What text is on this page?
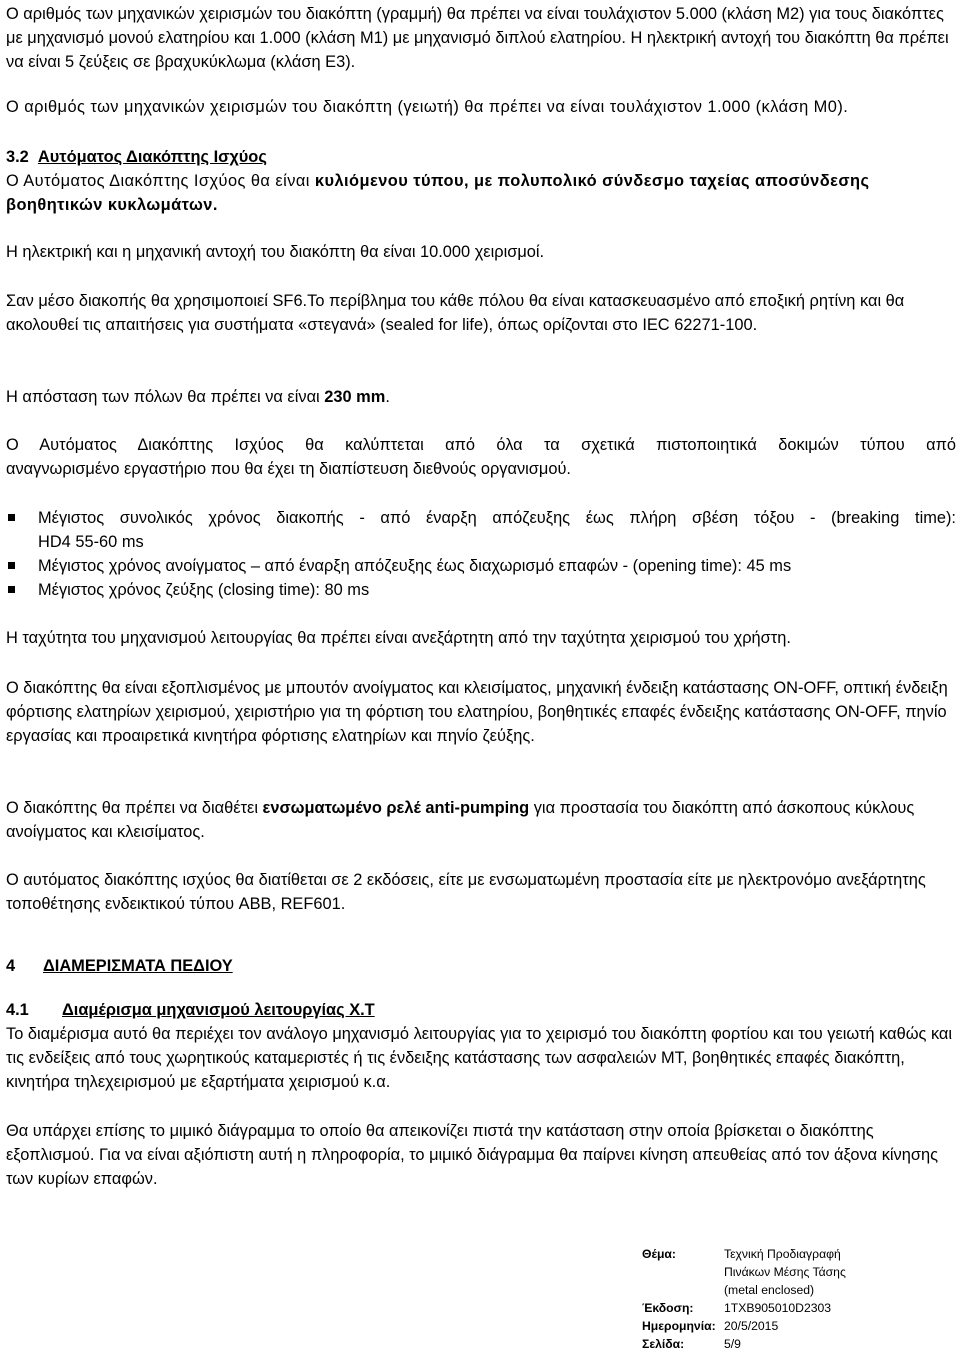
Ο αριθμός των μηχανικών χειρισμών του διακόπτη (γραμμή) θα πρέπει να είναι τουλάχιστον 5.000 (κλάση Μ2) για τους διακόπτες με μηχανισμό μονού ελατηρίου και 1.000 (κλάση Μ1) με μηχανισμό διπλού ελατηρίου. Η ηλεκτρική αντοχή του διακόπτη θα πρέπει να είναι 5 ζεύξεις σε βραχυκύκλωμα (κλάση Ε3).

Ο αριθμός των μηχανικών χειρισμών του διακόπτη (γειωτή) θα πρέπει να είναι τουλάχιστον 1.000 (κλάση Μ0).

3.2 Αυτόματος Διακόπτης Ισχύος

Ο Αυτόματος Διακόπτης Ισχύος θα είναι κυλιόμενου τύπου, με πολυπολικό σύνδεσμο ταχείας αποσύνδεσης βοηθητικών κυκλωμάτων.

Η ηλεκτρική και η μηχανική αντοχή του διακόπτη θα είναι 10.000 χειρισμοί.

Σαν μέσο διακοπής θα χρησιμοποιεί SF6.Το περίβλημα του κάθε πόλου θα είναι κατασκευασμένο από εποξική ρητίνη και θα ακολουθεί τις απαιτήσεις για συστήματα «στεγανά» (sealed for life), όπως ορίζονται στο IEC 62271-100.

Η απόσταση των πόλων θα πρέπει να είναι 230 mm.

Ο Αυτόματος Διακόπτης Ισχύος θα καλύπτεται από όλα τα σχετικά πιστοποιητικά δοκιμών τύπου από
αναγνωρισμένο εργαστήριο που θα έχει τη διαπίστευση διεθνούς οργανισμού.
Μέγιστος συνολικός χρόνος διακοπής - από έναρξη απόζευξης έως πλήρη σβέση τόξου - (breaking time):
HD4 55-60 ms
Μέγιστος χρόνος ανοίγματος – από έναρξη απόζευξης έως διαχωρισμό επαφών - (opening time): 45 ms
Μέγιστος χρόνος ζεύξης (closing time): 80 ms

Η ταχύτητα του μηχανισμού λειτουργίας θα πρέπει είναι ανεξάρτητη από την ταχύτητα χειρισμού του χρήστη.

Ο διακόπτης θα είναι εξοπλισμένος με μπουτόν ανοίγματος και κλεισίματος, μηχανική ένδειξη κατάστασης ON-OFF, οπτική ένδειξη φόρτισης ελατηρίων χειρισμού, χειριστήριο για τη φόρτιση του ελατηρίου, βοηθητικές επαφές ένδειξης κατάστασης ON-OFF, πηνίο εργασίας και προαιρετικά κινητήρα φόρτισης ελατηρίων και πηνίο ζεύξης.

Ο διακόπτης θα πρέπει να διαθέτει ενσωματωμένο ρελέ anti-pumping για προστασία του διακόπτη από άσκοπους κύκλους ανοίγματος και κλεισίματος.

Ο αυτόματος διακόπτης ισχύος θα διατίθεται σε 2 εκδόσεις, είτε με ενσωματωμένη προστασία είτε με ηλεκτρονόμο ανεξάρτητης τοποθέτησης ενδεικτικού τύπου ABB, REF601.

4 ΔΙΑΜΕΡΙΣΜΑΤΑ ΠΕΔΙΟΥ
4.1 Διαμέρισμα μηχανισμού λειτουργίας Χ.Τ

Το διαμέρισμα αυτό θα περιέχει τον ανάλογο μηχανισμό λειτουργίας για το χειρισμό του διακόπτη φορτίου και του γειωτή καθώς και τις ενδείξεις από τους χωρητικούς καταμεριστές ή τις ένδειξης κατάστασης των ασφαλειών ΜΤ, βοηθητικές επαφές διακόπτη, κινητήρα τηλεχειρισμού με εξαρτήματα χειρισμού κ.α.

Θα υπάρχει επίσης το μιμικό διάγραμμα το οποίο θα απεικονίζει πιστά την κατάσταση στην οποία βρίσκεται ο διακόπτης εξοπλισμού. Για να είναι αξιόπιστη αυτή η πληροφορία, το μιμικό διάγραμμα θα παίρνει κίνηση απευθείας από τον άξονα κίνησης των κυρίων επαφών.

Θέμα:	Τεχνική Προδιαγραφή
Πινάκων Μέσης Τάσης
(metal enclosed)
Έκδοση:	1TXB905010D2303
Ημερομηνία: 20/5/2015
Σελίδα:	5/9
